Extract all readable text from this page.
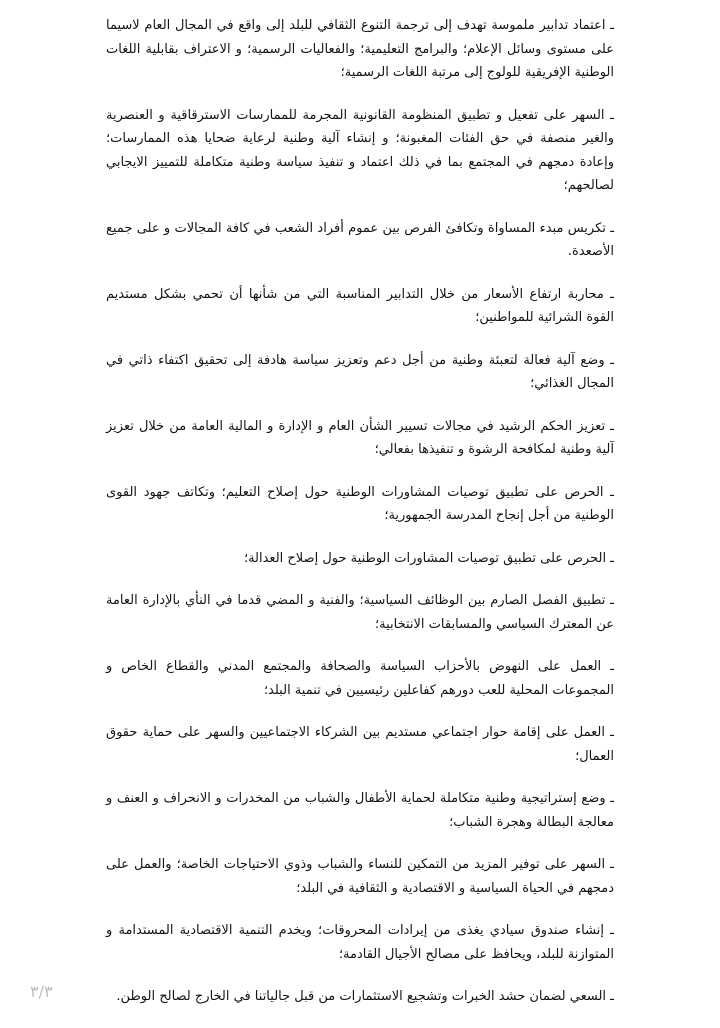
ـ اعتماد تدابير ملموسة تهدف إلى ترجمة التنوع الثقافي للبلد إلى واقع في المجال العام لاسيما على مستوى وسائل الإعلام؛ والبرامج التعليمية؛ والفعاليات الرسمية؛ و الاعتراف بقابلية اللغات الوطنية الإفريقية للولوج إلى مرتبة اللغات الرسمية؛

ـ السهر على تفعيل و تطبيق المنظومة القانونية المجرمة للممارسات الاسترقاقية و العنصرية والغير منصفة في حق الفئات المغبونة؛ و إنشاء آلية وطنية لرعاية ضحايا هذه الممارسات؛ وإعادة دمجهم في المجتمع بما في ذلك اعتماد و تنفيذ سياسة وطنية متكاملة للتمييز الايجابي لصالحهم؛

ـ تكريس مبدء المساواة وتكافئ الفرص بين عموم أفراد الشعب في كافة المجالات و على جميع الأصعدة.

ـ محاربة ارتفاع الأسعار من خلال التدابير المناسبة التي من شأنها أن تحمي بشكل مستديم القوة الشرائية للمواطنين؛

ـ وضع آلية فعالة لتعبئة وطنية من أجل دعم وتعزيز سياسة هادفة إلى تحقيق اكتفاء ذاتي في المجال الغذائي؛

ـ تعزيز الحكم الرشيد في مجالات تسيير الشأن العام و الإدارة و المالية العامة من خلال تعزيز آلية وطنية لمكافحة الرشوة و تنفيذها بفعالي؛

ـ الحرص على تطبيق توصيات المشاورات الوطنية حول إصلاح التعليم؛ وتكاتف جهود القوى الوطنية من أجل إنجاح المدرسة الجمهورية؛

ـ الحرص على تطبيق توصيات المشاورات الوطنية حول إصلاح العدالة؛

ـ تطبيق الفصل الصارم بين الوظائف السياسية؛ والفنية و المضي قدما في النأي بالإدارة العامة عن المعترك السياسي والمسابقات الانتخابية؛

ـ العمل على النهوض بالأحزاب السياسة والصحافة والمجتمع المدني والقطاع الخاص و المجموعات المحلية للعب دورهم كفاعلين رئيسيين في تنمية البلد؛

ـ العمل على إقامة حوار اجتماعي مستديم بين الشركاء الاجتماعيين والسهر على حماية حقوق العمال؛

ـ وضع إستراتيجية وطنية متكاملة لحماية الأطفال والشباب من المخدرات و الانحراف و العنف و معالجة البطالة وهجرة الشباب؛

ـ السهر على توفير المزيد من التمكين للنساء والشباب وذوي الاحتياجات الخاصة؛ والعمل على دمجهم في الحياة السياسية و الاقتصادية و الثقافية في البلد؛

ـ إنشاء صندوق سيادي يغذى من إيرادات المحروقات؛ ويخدم التنمية الاقتصادية المستدامة و المتوازنة للبلد، ويحافظ على مصالح الأجيال القادمة؛

ـ السعي لضمان حشد الخبرات وتشجيع الاستثمارات من قبل جالياتنا في الخارج لصالح الوطن.

٣/٣
